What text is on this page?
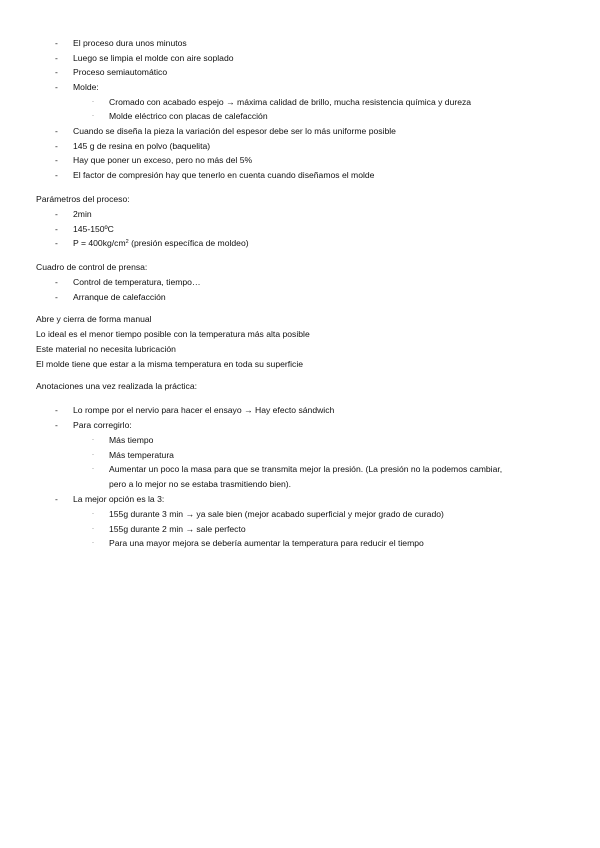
- El proceso dura unos minutos
- Luego se limpia el molde con aire soplado
- Proceso semiautomático
- Molde:
· Cromado con acabado espejo → máxima calidad de brillo, mucha resistencia química y dureza
· Molde eléctrico con placas de calefacción
- Cuando se diseña la pieza la variación del espesor debe ser lo más uniforme posible
- 145 g de resina en polvo (baquelita)
- Hay que poner un exceso, pero no más del 5%
- El factor de compresión hay que tenerlo en cuenta cuando diseñamos el molde
Parámetros del proceso:
- 2min
- 145-150ºC
- $P = 400kg/cm^2$ (presión específica de moldeo)
Cuadro de control de prensa:
- Control de temperatura, tiempo…
- Arranque de calefacción
Abre y cierra de forma manual
Lo ideal es el menor tiempo posible con la temperatura más alta posible
Este material no necesita lubricación
El molde tiene que estar a la misma temperatura en toda su superficie
Anotaciones una vez realizada la práctica:
- Lo rompe por el nervio para hacer el ensayo → Hay efecto sándwich
- Para corregirlo:
· Más tiempo
· Más temperatura
· Aumentar un poco la masa para que se transmita mejor la presión. (La presión no la podemos cambiar,
pero a lo mejor no se estaba trasmitiendo bien).
- La mejor opción es la 3:
· 155g durante 3 min → ya sale bien (mejor acabado superficial y mejor grado de curado)
· 155g durante 2 min → sale perfecto
· Para una mayor mejora se debería aumentar la temperatura para reducir el tiempo
